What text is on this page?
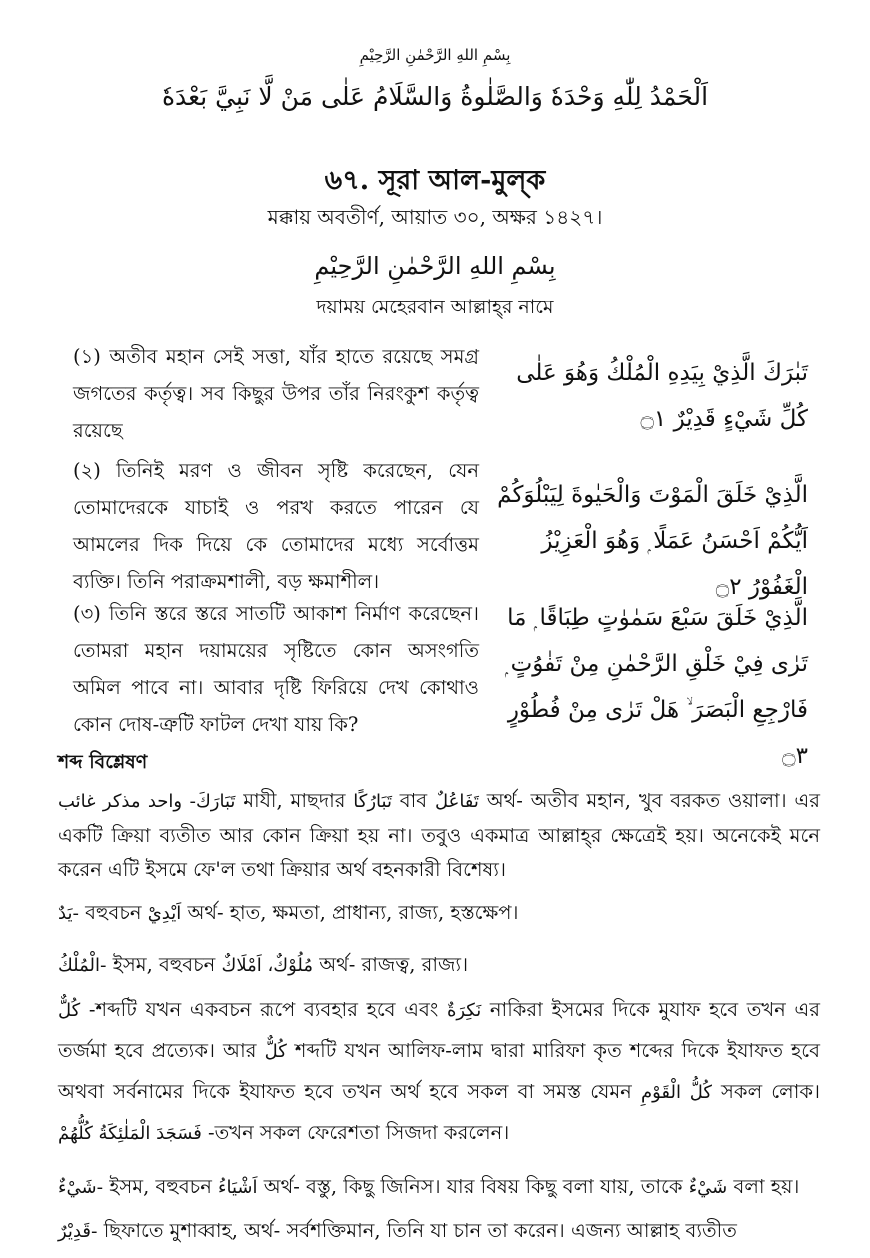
بِسْمِ اللهِ الرَّحْمٰنِ الرَّحِيْمِ
اَلْحَمْدُ لِلّٰهِ وَحْدَهٗ وَالصَّلٰوةُ وَالسَّلَامُ عَلٰى مَنْ لَّا نَبِيَّ بَعْدَهٗ
৬৭. সূরা আল-মুল্‌ক
মক্কায় অবতীর্ণ, আয়াত ৩০, অক্ষর ১৪২৭।
بِسْمِ اللهِ الرَّحْمٰنِ الرَّحِيْمِ
দয়াময় মেহেরবান আল্লাহ্‌র নামে
(১) অতীব মহান সেই সত্তা, যাঁর হাতে রয়েছে সমগ্র জগতের কর্তৃত্ব। সব কিছুর উপর তাঁর নিরংকুশ কর্তৃত্ব রয়েছে
تَبٰرَكَ الَّذِيْ بِيَدِهِ الْمُلْكُ وَهُوَ عَلٰى كُلِّ شَيْءٍ قَدِيْرٌ ۝١
(২) তিনিই মরণ ও জীবন সৃষ্টি করেছেন, যেন তোমাদেরকে যাচাই ও পরখ করতে পারেন যে আমলের দিক দিয়ে কে তোমাদের মধ্যে সর্বোত্তম ব্যক্তি। তিনি পরাক্রমশালী, বড় ক্ষমাশীল।
الَّذِيْ خَلَقَ الْمَوْتَ وَالْحَيٰوةَ لِيَبْلُوَكُمْ اَيُّكُمْ اَحْسَنُ عَمَلًا ۭ وَهُوَ الْعَزِيْزُ الْغَفُوْرُ ۝٢
(৩) তিনি স্তরে স্তরে সাতটি আকাশ নির্মাণ করেছেন। তোমরা মহান দয়াময়ের সৃষ্টিতে কোন অসংগতি অমিল পাবে না। আবার দৃষ্টি ফিরিয়ে দেখ কোথাও কোন দোষ-ত্রুটি ফাটল দেখা যায় কি?
الَّذِيْ خَلَقَ سَبْعَ سَمٰوٰتٍ طِبَاقًا ۭ مَا تَرٰى فِيْ خَلْقِ الرَّحْمٰنِ مِنْ تَفٰوُتٍ ۭ فَارْجِعِ الْبَصَرَ ۙ هَلْ تَرٰى مِنْ فُطُوْرٍ ۝٣
শব্দ বিশ্লেষণ
تَبَارَكَ- واحد مذكر غائب মাযী, মাছদার تَبَارُكًا বাব تَفَاعُلٌ অর্থ- অতীব মহান, খুব বরকত ওয়ালা। এর একটি ক্রিয়া ব্যতীত আর কোন ক্রিয়া হয় না। তবুও একমাত্র আল্লাহ্‌র ক্ষেত্রেই হয়। অনেকেই মনে করেন এটি ইসমে ফে'ল তথা ক্রিয়ার অর্থ বহনকারী বিশেষ্য।
يَدٌ- বহুবচন اَيْدِيْ অর্থ- হাত, ক্ষমতা, প্রাধান্য, রাজ্য, হস্তক্ষেপ।
الْمُلْكُ- ইসম, বহুবচন مُلُوْكٌ، اَمْلَاكٌ অর্থ- রাজত্ব, রাজ্য।
كُلٌّ -শব্দটি যখন একবচন রূপে ব্যবহার হবে এবং نَكِرَةٌ নাকিরা ইসমের দিকে মুযাফ হবে তখন এর তর্জমা হবে প্রত্যেক। আর كُلٌّ শব্দটি যখন আলিফ-লাম দ্বারা মারিফা কৃত শব্দের দিকে ইযাফত হবে অথবা সর্বনামের দিকে ইযাফত হবে তখন অর্থ হবে সকল বা সমস্ত যেমন كُلُّ الْقَوْمِ সকল লোক। فَسَجَدَ الْمَلٰئِكَةُ كُلُّهُمْ -তখন সকল ফেরেশতা সিজদা করলেন।
شَيْءٌ- ইসম, বহুবচন اَشْيَاءُ অর্থ- বস্তু, কিছু জিনিস। যার বিষয় কিছু বলা যায়, তাকে شَيْءٌ বলা হয়।
قَدِيْرٌ- ছিফাতে মুশাব্বাহ, অর্থ- সর্বশক্তিমান, তিনি যা চান তা করেন। এজন্য আল্লাহ ব্যতীত
